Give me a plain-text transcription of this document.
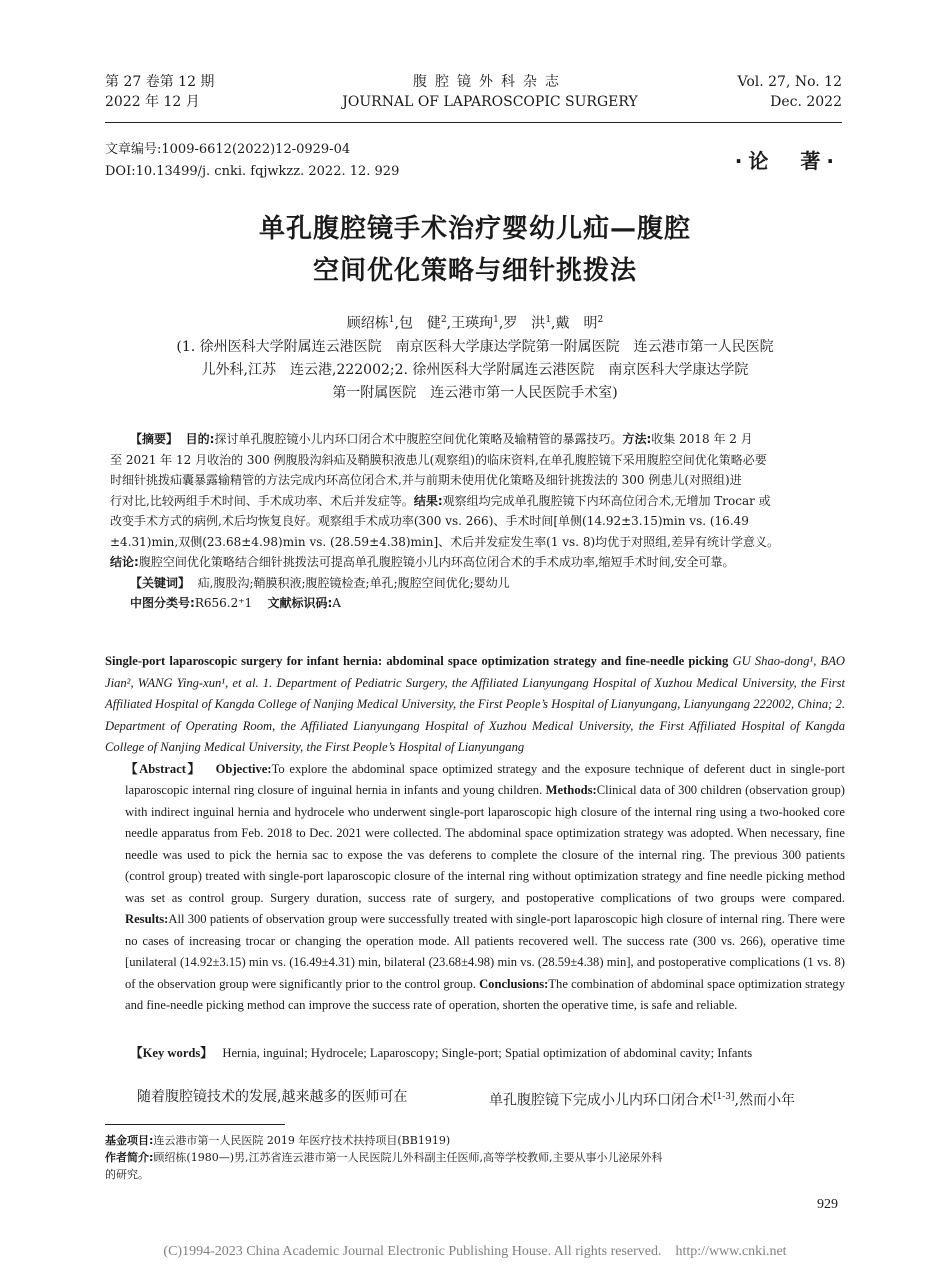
第 27 卷第 12 期
2022 年 12 月
腹腔镜外科杂志
JOURNAL OF LAPAROSCOPIC SURGERY
Vol. 27, No. 12
Dec. 2022
文章编号:1009-6612(2022)12-0929-04
DOI:10.13499/j. cnki. fqjwkzz. 2022. 12. 929	·论　著·
单孔腹腔镜手术治疗婴幼儿疝—腹腔
空间优化策略与细针挑拨法
顾绍栋$^1$,包　健$^2$,王瑛珣$^1$,罗　洪$^1$,戴　明$^2$
(1. 徐州医科大学附属连云港医院　南京医科大学康达学院第一附属医院　连云港市第一人民医院
儿外科,江苏　连云港,222002;2. 徐州医科大学附属连云港医院　南京医科大学康达学院
第一附属医院　连云港市第一人民医院手术室)
【摘要】 目的:探讨单孔腹腔镜小儿内环口闭合术中腹腔空间优化策略及输精管的暴露技巧。方法:收集 2018 年 2 月
至 2021 年 12 月收治的 300 例腹股沟斜疝及鞘膜积液患儿(观察组)的临床资料,在单孔腹腔镜下采用腹腔空间优化策略必要
时细针挑拨疝囊暴露输精管的方法完成内环高位闭合术,并与前期未使用优化策略及细针挑拨法的 300 例患儿(对照组)进
行对比,比较两组手术时间、手术成功率、术后并发症等。结果:观察组均完成单孔腹腔镜下内环高位闭合术,无增加 Trocar 或
改变手术方式的病例,术后均恢复良好。观察组手术成功率(300 vs. 266)、手术时间[单侧(14.92±3.15)min vs. (16.49
±4.31)min,双侧(23.68±4.98)min vs. (28.59±4.38)min]、术后并发症发生率(1 vs. 8)均优于对照组,差异有统计学意义。
结论:腹腔空间优化策略结合细针挑拨法可提高单孔腹腔镜小儿内环高位闭合术的手术成功率,缩短手术时间,安全可靠。
【关键词】 疝,腹股沟;鞘膜积液;腹腔镜检查;单孔;腹腔空间优化;婴幼儿
中图分类号:R656.2⁺1 文献标识码:A
Single-port laparoscopic surgery for infant hernia: abdominal space optimization strategy and fine-needle picking GU Shao-dong¹, BAO Jian², WANG Ying-xun¹, et al. 1. Department of Pediatric Surgery, the Affiliated Lianyungang Hospital of Xuzhou Medical University, the First Affiliated Hospital of Kangda College of Nanjing Medical University, the First People’s Hospital of Lianyungang, Lianyungang 222002, China; 2. Department of Operating Room, the Affiliated Lianyungang Hospital of Xuzhou Medical University, the First Affiliated Hospital of Kangda College of Nanjing Medical University, the First People’s Hospital of Lianyungang
【Abstract】 Objective:To explore the abdominal space optimized strategy and the exposure technique of deferent duct in single-port laparoscopic internal ring closure of inguinal hernia in infants and young children. Methods:Clinical data of 300 children (observation group) with indirect inguinal hernia and hydrocele who underwent single-port laparoscopic high closure of the internal ring using a two-hooked core needle apparatus from Feb. 2018 to Dec. 2021 were collected. The abdominal space optimization strategy was adopted. When necessary, fine needle was used to pick the hernia sac to expose the vas deferens to complete the closure of the internal ring. The previous 300 patients (control group) treated with single-port laparoscopic closure of the internal ring without optimization strategy and fine needle picking method was set as control group. Surgery duration, success rate of surgery, and postoperative complications of two groups were compared. Results:All 300 patients of observation group were successfully treated with single-port laparoscopic high closure of internal ring. There were no cases of increasing trocar or changing the operation mode. All patients recovered well. The success rate (300 vs. 266), operative time [unilateral (14.92±3.15) min vs. (16.49±4.31) min, bilateral (23.68±4.98) min vs. (28.59±4.38) min], and postoperative complications (1 vs. 8) of the observation group were significantly prior to the control group. Conclusions:The combination of abdominal space optimization strategy and fine-needle picking method can improve the success rate of operation, shorten the operative time, is safe and reliable.
【Key words】 Hernia, inguinal; Hydrocele; Laparoscopy; Single-port; Spatial optimization of abdominal cavity; Infants
随着腹腔镜技术的发展,越来越多的医师可在	单孔腹腔镜下完成小儿内环口闭合术[1-3],然而小年
基金项目:连云港市第一人民医院 2019 年医疗技术扶持项目(BB1919)
作者简介:顾绍栋(1980—)男,江苏省连云港市第一人民医院儿外科副主任医师,高等学校教师,主要从事小儿泌尿外科
的研究。
929
(C)1994-2023 China Academic Journal Electronic Publishing House. All rights reserved.　http://www.cnki.net
